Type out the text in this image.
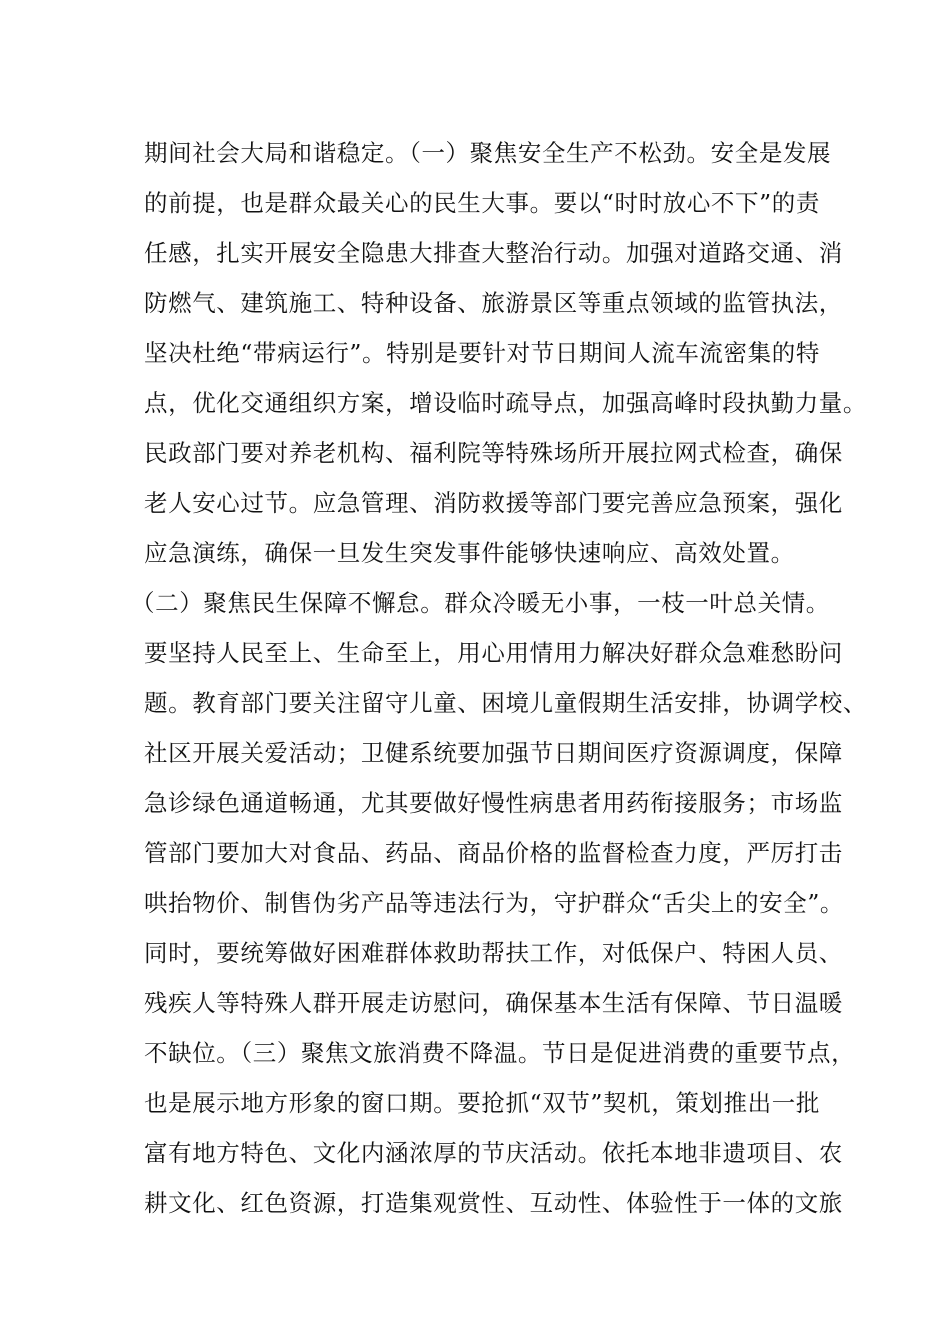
期间社会大局和谐稳定。（一）聚焦安全生产不松劲。安全是发展
的前提，也是群众最关心的民生大事。要以“时时放心不下”的责
任感，扎实开展安全隐患大排查大整治行动。加强对道路交通、消
防燃气、建筑施工、特种设备、旅游景区等重点领域的监管执法，
坚决杜绝“带病运行”。特别是要针对节日期间人流车流密集的特
点，优化交通组织方案，增设临时疏导点，加强高峰时段执勤力量。
民政部门要对养老机构、福利院等特殊场所开展拉网式检查，确保
老人安心过节。应急管理、消防救援等部门要完善应急预案，强化
应急演练，确保一旦发生突发事件能够快速响应、高效处置。
（二）聚焦民生保障不懈怠。群众冷暖无小事，一枝一叶总关情。
要坚持人民至上、生命至上，用心用情用力解决好群众急难愁盼问
题。教育部门要关注留守儿童、困境儿童假期生活安排，协调学校、
社区开展关爱活动；卫健系统要加强节日期间医疗资源调度，保障
急诊绿色通道畅通，尤其要做好慢性病患者用药衔接服务；市场监
管部门要加大对食品、药品、商品价格的监督检查力度，严厉打击
哄抬物价、制售伪劣产品等违法行为，守护群众“舌尖上的安全”。
同时，要统筹做好困难群体救助帮扶工作，对低保户、特困人员、
残疾人等特殊人群开展走访慰问，确保基本生活有保障、节日温暖
不缺位。（三）聚焦文旅消费不降温。节日是促进消费的重要节点，
也是展示地方形象的窗口期。要抢抓“双节”契机，策划推出一批
富有地方特色、文化内涵浓厚的节庆活动。依托本地非遗项目、农
耕文化、红色资源，打造集观赏性、互动性、体验性于一体的文旅
